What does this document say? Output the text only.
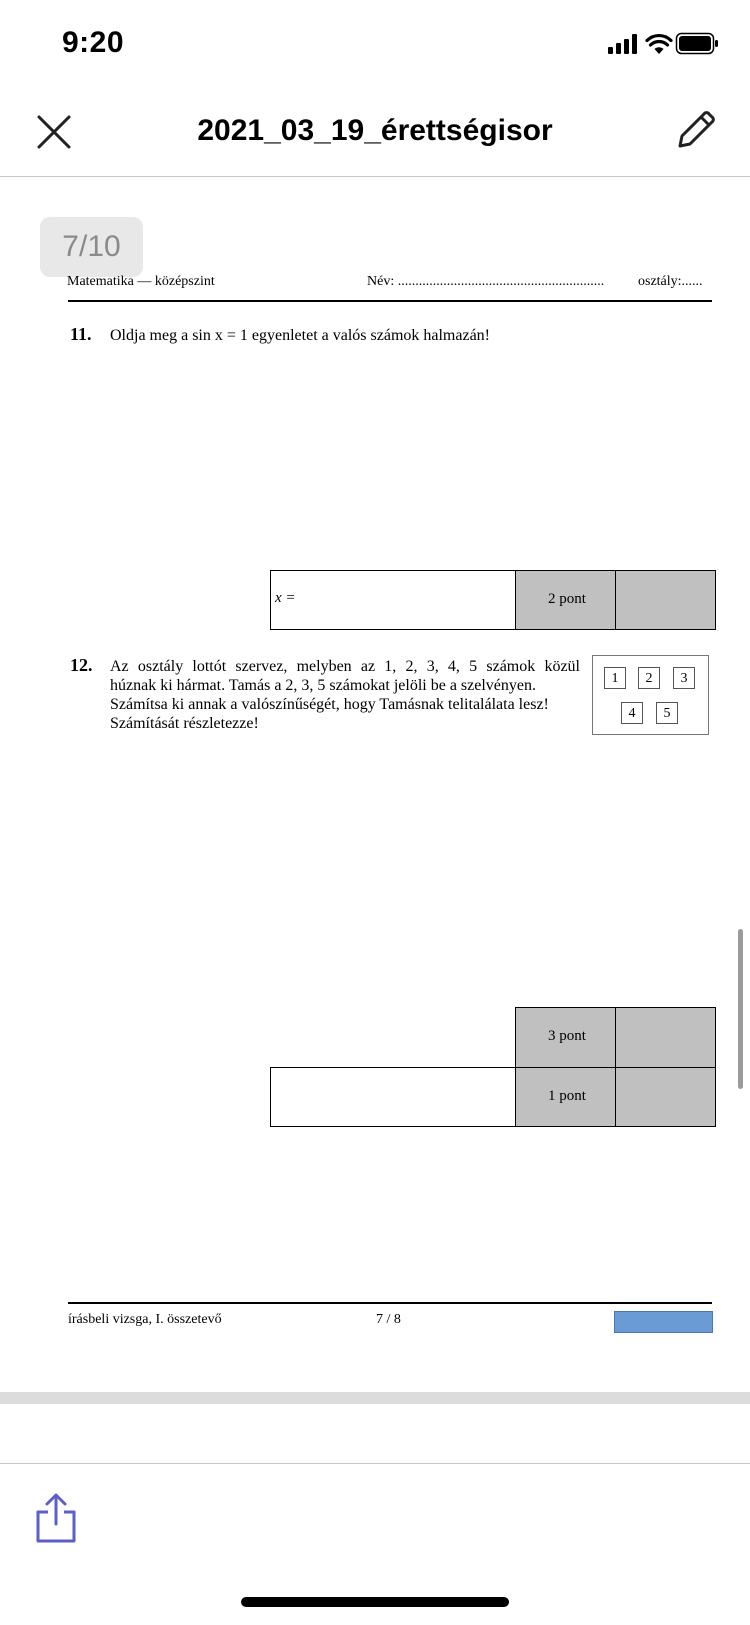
9:20
2021_03_19_érettségisor
7/10
Matematika — középszint	Név: ........................................................... osztály:......
11. Oldja meg a sin x = 1 egyenletet a valós számok halmazán!
x =	2 pont
12. Az osztály lottót szervez, melyben az 1, 2, 3, 4, 5 számok közül
húznak ki hármat. Tamás a 2, 3, 5 számokat jelöli be a szelvényen.
Számítsa ki annak a valószínűségét, hogy Tamásnak telitalálata lesz!
Számítását részletezze!
1	2	3
4	5
3 pont
1 pont
írásbeli vizsga, I. összetevő	7 / 8
